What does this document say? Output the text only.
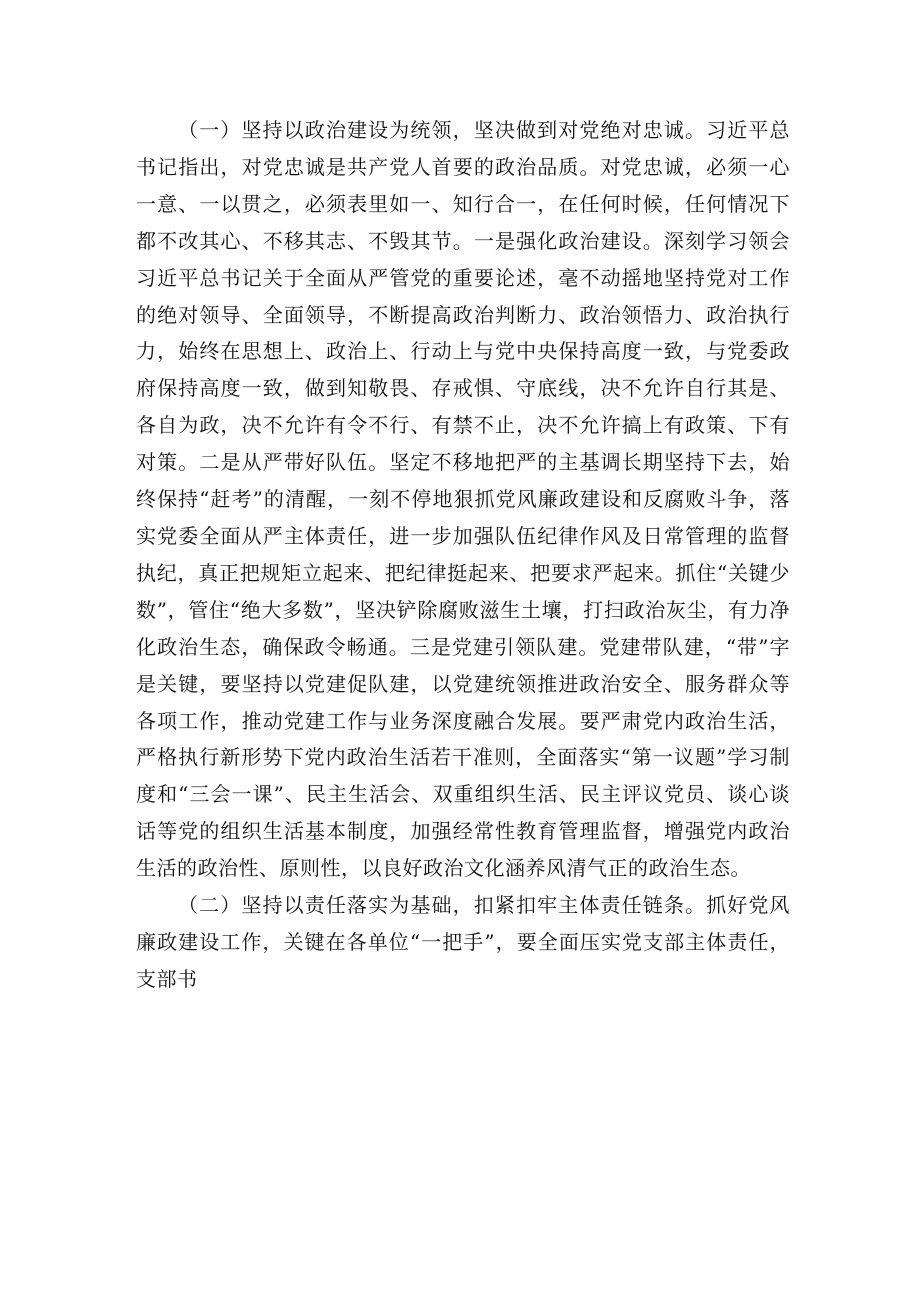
（一）坚持以政治建设为统领，坚决做到对党绝对忠诚。习近平总书记指出，对党忠诚是共产党人首要的政治品质。对党忠诚，必须一心一意、一以贯之，必须表里如一、知行合一，在任何时候，任何情况下都不改其心、不移其志、不毁其节。一是强化政治建设。深刻学习领会习近平总书记关于全面从严管党的重要论述，毫不动摇地坚持党对工作的绝对领导、全面领导，不断提高政治判断力、政治领悟力、政治执行力，始终在思想上、政治上、行动上与党中央保持高度一致，与党委政府保持高度一致，做到知敬畏、存戒惧、守底线，决不允许自行其是、各自为政，决不允许有令不行、有禁不止，决不允许搞上有政策、下有对策。二是从严带好队伍。坚定不移地把严的主基调长期坚持下去，始终保持“赶考”的清醒，一刻不停地狠抓党风廉政建设和反腐败斗争，落实党委全面从严主体责任，进一步加强队伍纪律作风及日常管理的监督执纪，真正把规矩立起来、把纪律挺起来、把要求严起来。抓住“关键少数”，管住“绝大多数”，坚决铲除腐败滋生土壤，打扫政治灰尘，有力净化政治生态，确保政令畅通。三是党建引领队建。党建带队建，“带”字是关键，要坚持以党建促队建，以党建统领推进政治安全、服务群众等各项工作，推动党建工作与业务深度融合发展。要严肃党内政治生活，严格执行新形势下党内政治生活若干准则，全面落实“第一议题”学习制度和“三会一课”、民主生活会、双重组织生活、民主评议党员、谈心谈话等党的组织生活基本制度，加强经常性教育管理监督，增强党内政治生活的政治性、原则性，以良好政治文化涵养风清气正的政治生态。

（二）坚持以责任落实为基础，扣紧扣牢主体责任链条。抓好党风廉政建设工作，关键在各单位“一把手”，要全面压实党支部主体责任，支部书
